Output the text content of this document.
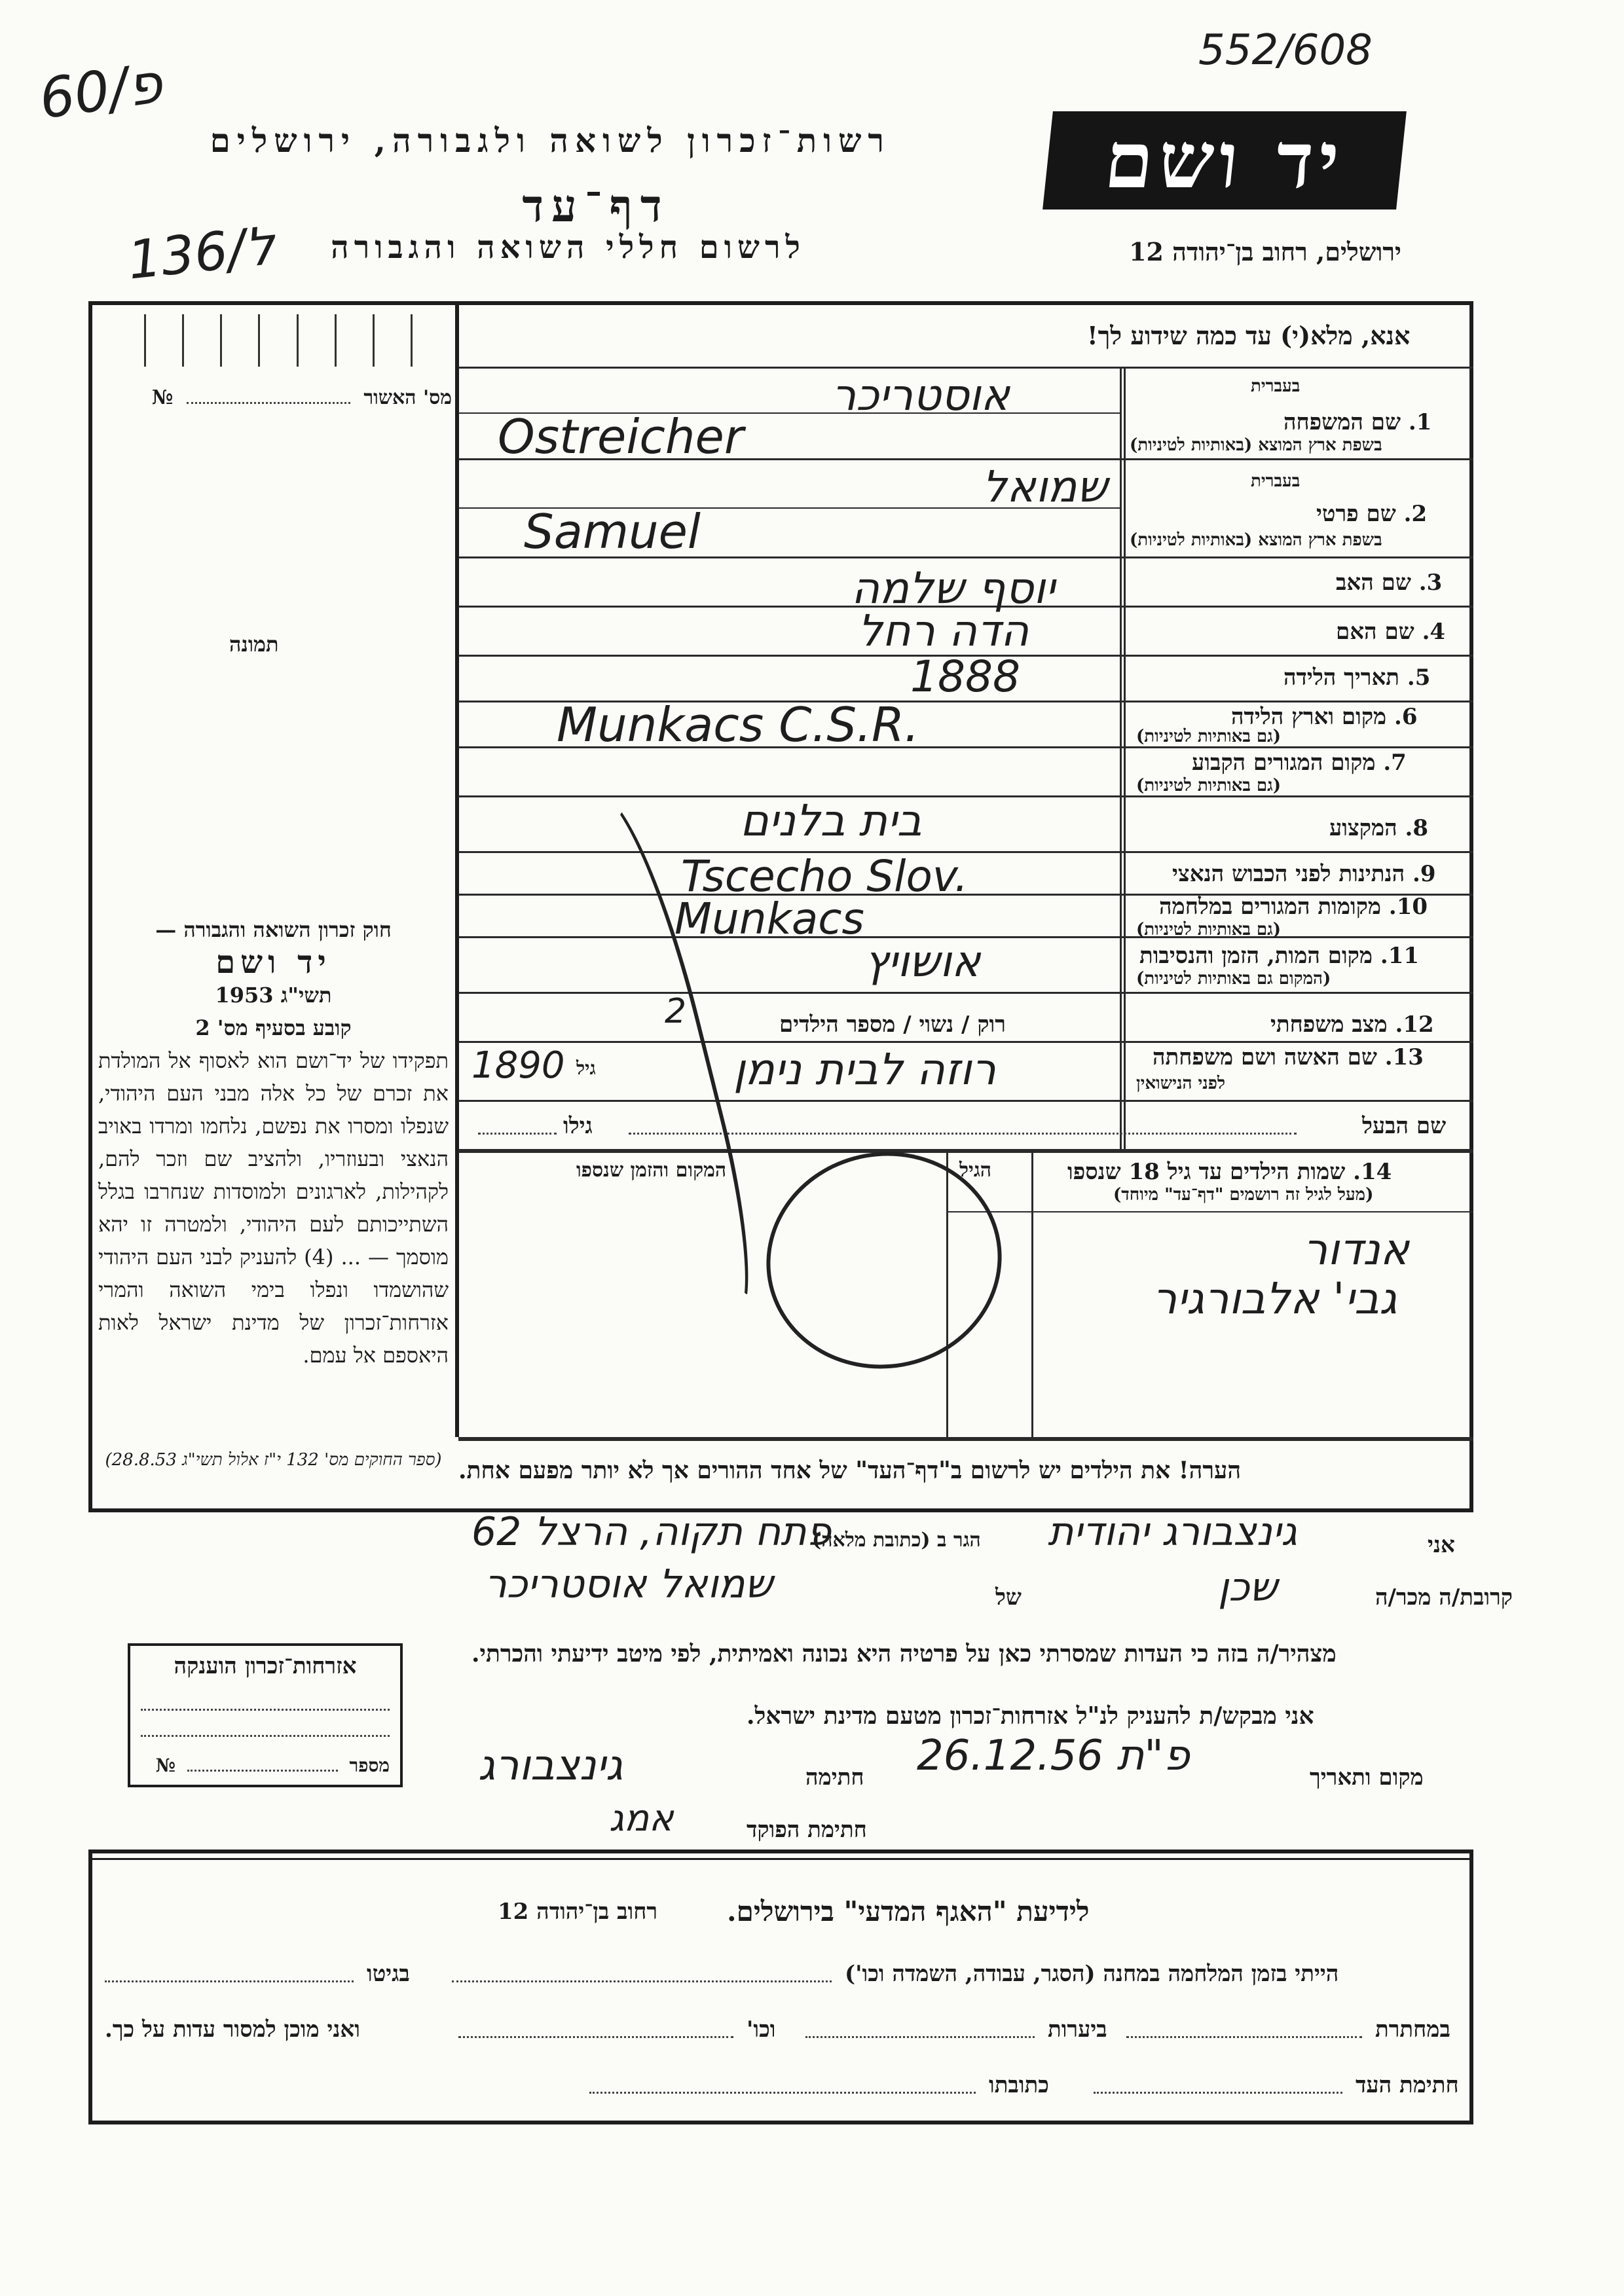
60/פ
552/608
יד ושם
רשות־זכרון לשואה ולגבורה, ירושלים
דף־עד
לרשום חללי השואה והגבורה	ירושלים, רחוב בן־יהודה 12
136/ל
אנא, מלא(י) עד כמה שידוע לך!
מס' האשור  №
תמונה
חוק זכרון השואה והגבורה —
יד ושם
תשי"ג 1953
קובע בסעיף מס' 2
תפקידו של יד־ושם הוא לאסוף אל המולדת את זכרם של כל אלה מבני העם היהודי, שנפלו ומסרו את נפשם, נלחמו ומרדו באויב הנאצי ובעוזריו, ולהציב שם וזכר להם, לקהילות, לארגונים ולמוסדות שנחרבו בגלל השתייכותם לעם היהודי, ולמטרה זו יהא מוסמך — ... (4) להעניק לבני העם היהודי שהושמדו ונפלו בימי השואה והמרי אזרחות־זכרון של מדינת ישראל לאות היאספם אל עמם.
(ספר החוקים מס' 132 י"ז אלול תשי"ג 28.8.53)
בעברית
1. שם המשפחה
בשפת ארץ המוצא (באותיות לטיניות)
אוסטריכר
Ostreicher
בעברית
2. שם פרטי
בשפת ארץ המוצא (באותיות לטיניות)
שמואל
Samuel
3. שם האב
יוסף שלמה
4. שם האם
הדה רחל
5. תאריך הלידה
1888
6. מקום וארץ הלידה
(גם באותיות לטיניות)
Munkacs C.S.R.
7. מקום המגורים הקבוע
(גם באותיות לטיניות)
8. המקצוע
בית בלנים
9. הנתינות לפני הכבוש הנאצי
Tscecho Slov.
10. מקומות המגורים במלחמה
(גם באותיות לטיניות)
Munkacs
11. מקום המות, הזמן והנסיבות
(המקום גם באותיות לטיניות)
אושויץ
12. מצב משפחתי
רוק / נשוי / מספר הילדים
2
13. שם האשה ושם משפחתה
לפני הנישואין
גיל
1890	רוזה לבית נימן
שם הבעל
גילו
14. שמות הילדים עד גיל 18 שנספו
(מעל לגיל זה רושמים "דף־עד" מיוחד)
הגיל
המקום והזמן שנספו
אנדור
גבי' אלבורגיר
הערה! את הילדים יש לרשום ב"דף־העד" של אחד ההורים אך לא יותר מפעם אחת.
אזרחות־זכרון הוענקה
מספר  №
אני
גינצבורג יהודית
הגר ב (כתובת מלאה)
פתח תקוה, הרצל 62
קרובת/ה מכר/ה
שכן
של
שמואל אוסטריכר
מצהיר/ה בזה כי העדות שמסרתי כאן על פרטיה היא נכונה ואמיתית, לפי מיטב ידיעתי והכרתי.
אני מבקש/ת להעניק לנ"ל אזרחות־זכרון מטעם מדינת ישראל.
מקום ותאריך
פ"ת 26.12.56
חתימה
גינצבורג
חתימת הפוקד
אמג
לידיעת "האגף המדעי" בירושלים.
רחוב בן־יהודה 12
הייתי בזמן המלחמה במחנה (הסגר, עבודה, השמדה וכו')
בגיטו
במחתרת
ביערות
וכו'
ואני מוכן למסור עדות על כך.
חתימת העד
כתובתו
